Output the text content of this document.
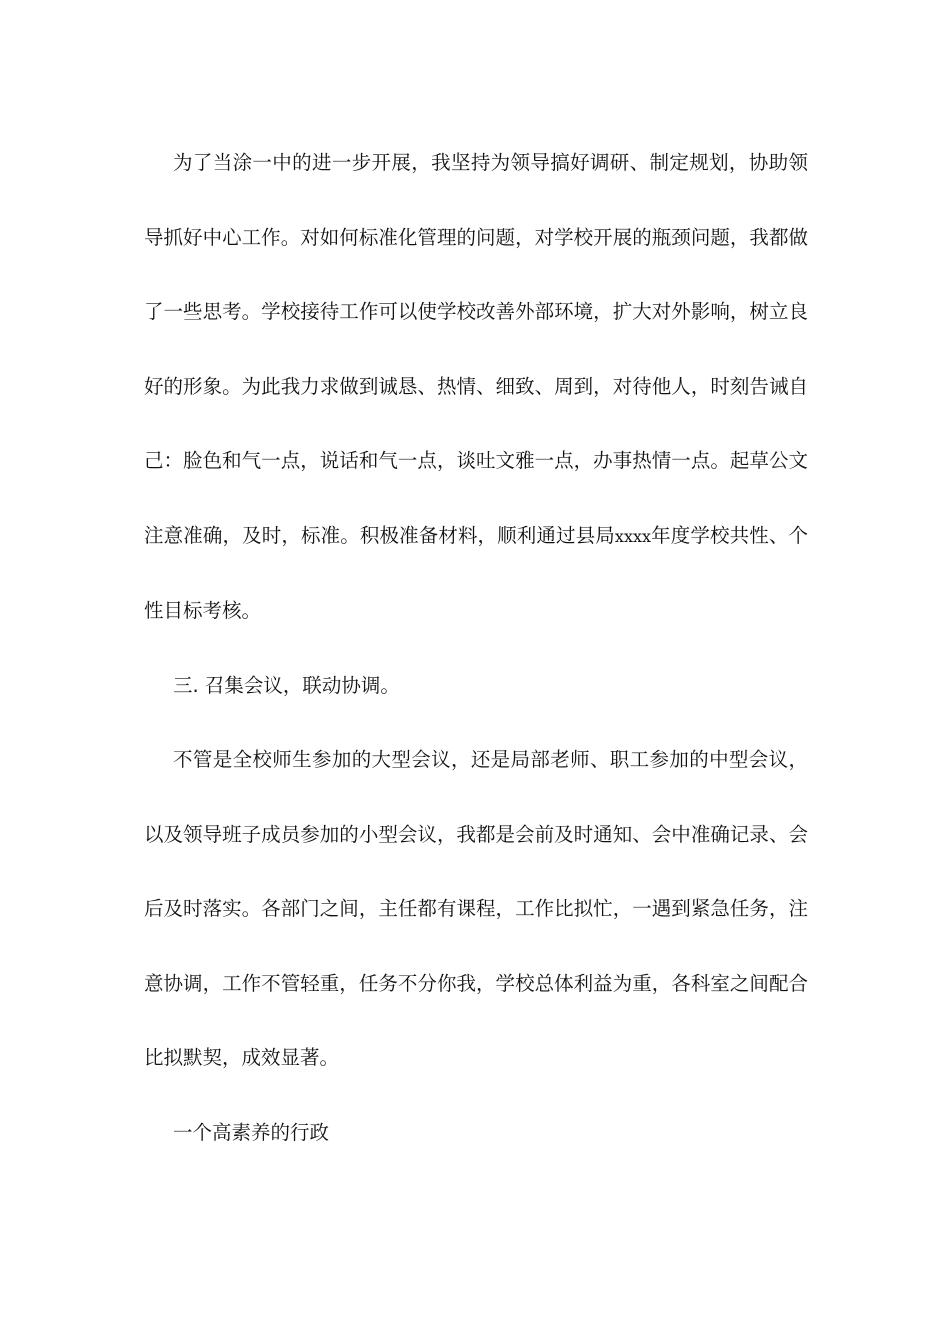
为了当涂一中的进一步开展，我坚持为领导搞好调研、制定规划，协助领导抓好中心工作。对如何标准化管理的问题，对学校开展的瓶颈问题，我都做了一些思考。学校接待工作可以使学校改善外部环境，扩大对外影响，树立良好的形象。为此我力求做到诚恳、热情、细致、周到，对待他人，时刻告诫自己：脸色和气一点，说话和气一点，谈吐文雅一点，办事热情一点。起草公文注意准确，及时，标准。积极准备材料，顺利通过县局xxxx年度学校共性、个性目标考核。

三. 召集会议，联动协调。

不管是全校师生参加的大型会议，还是局部老师、职工参加的中型会议，以及领导班子成员参加的小型会议，我都是会前及时通知、会中准确记录、会后及时落实。各部门之间，主任都有课程，工作比拟忙，一遇到紧急任务，注意协调，工作不管轻重，任务不分你我，学校总体利益为重，各科室之间配合比拟默契，成效显著。

一个高素养的行政
